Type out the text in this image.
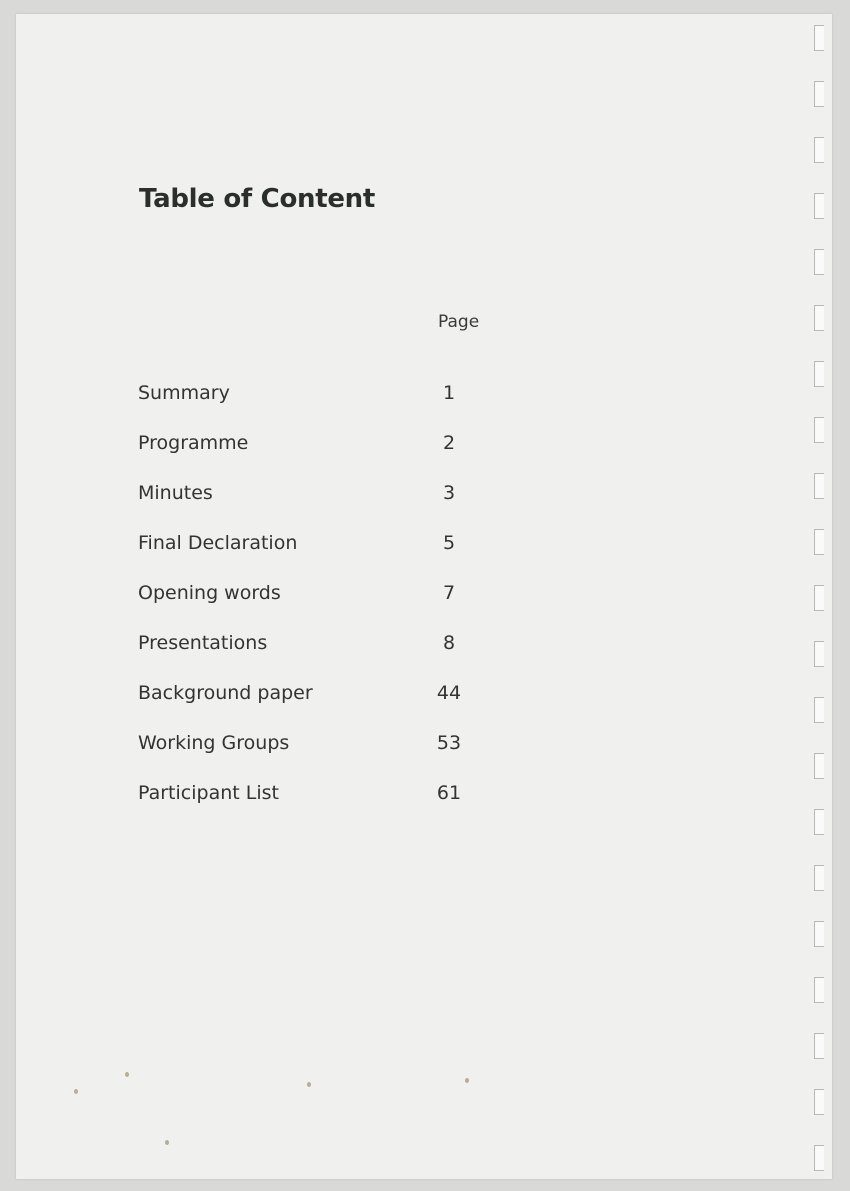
Table of Content
Page
Summary	1
Programme	2
Minutes	3
Final Declaration	5
Opening words	7
Presentations	8
Background paper	44
Working Groups	53
Participant List	61
